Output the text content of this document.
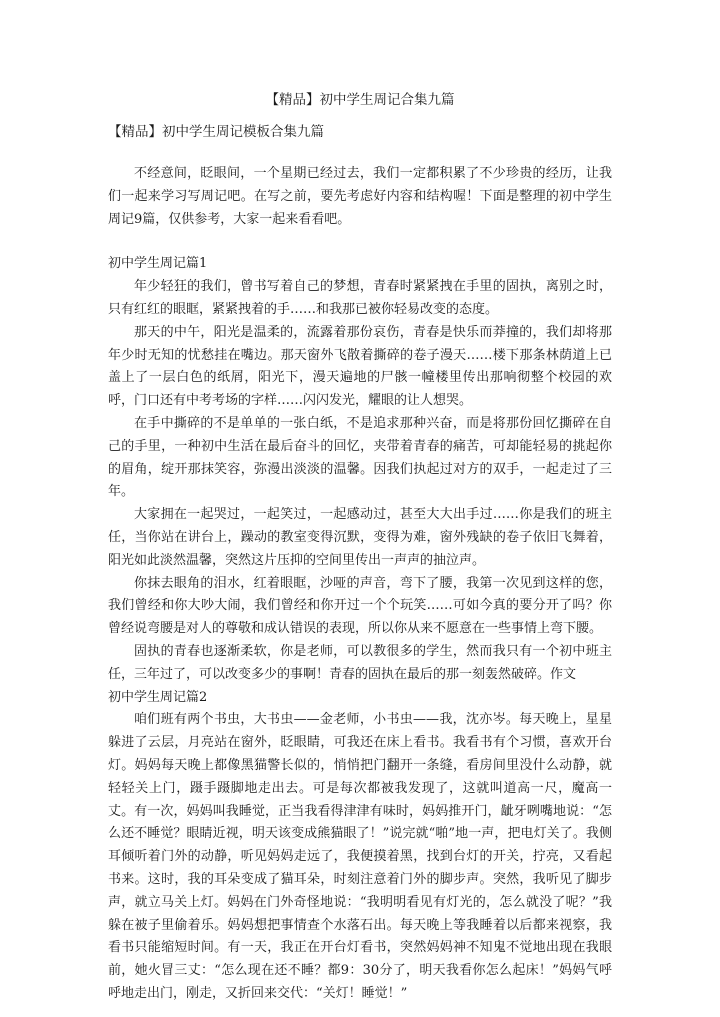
【精品】初中学生周记合集九篇
【精品】初中学生周记模板合集九篇

不经意间，眨眼间，一个星期已经过去，我们一定都积累了不少珍贵的经历，让我们一起来学习写周记吧。在写之前，要先考虑好内容和结构喔！下面是整理的初中学生周记9篇，仅供参考，大家一起来看看吧。

初中学生周记篇1

年少轻狂的我们，曾书写着自己的梦想，青春时紧紧拽在手里的固执，离别之时，只有红红的眼眶，紧紧拽着的手……和我那已被你轻易改变的态度。

那天的中午，阳光是温柔的，流露着那份哀伤，青春是快乐而莽撞的，我们却将那年少时无知的忧愁挂在嘴边。那天窗外飞散着撕碎的卷子漫天……楼下那条林荫道上已盖上了一层白色的纸屑，阳光下，漫天遍地的尸骸一幢楼里传出那响彻整个校园的欢呼，门口还有中考考场的字样……闪闪发光，耀眼的让人想哭。

在手中撕碎的不是单单的一张白纸，不是追求那种兴奋，而是将那份回忆撕碎在自己的手里，一种初中生活在最后奋斗的回忆，夹带着青春的痛苦，可却能轻易的挑起你的眉角，绽开那抹笑容，弥漫出淡淡的温馨。因我们执起过对方的双手，一起走过了三年。

大家拥在一起哭过，一起笑过，一起感动过，甚至大大出手过……你是我们的班主任，当你站在讲台上，躁动的教室变得沉默，变得为难，窗外残缺的卷子依旧飞舞着，阳光如此淡然温馨，突然这片压抑的空间里传出一声声的抽泣声。

你抹去眼角的泪水，红着眼眶，沙哑的声音，弯下了腰，我第一次见到这样的您，我们曾经和你大吵大闹，我们曾经和你开过一个个玩笑……可如今真的要分开了吗？你曾经说弯腰是对人的尊敬和成认错误的表现，所以你从来不愿意在一些事情上弯下腰。

固执的青春也逐渐柔软，你是老师，可以教很多的学生，然而我只有一个初中班主任，三年过了，可以改变多少的事啊！青春的固执在最后的那一刻轰然破碎。作文

初中学生周记篇2

咱们班有两个书虫，大书虫——金老师，小书虫——我，沈亦岑。每天晚上，星星躲进了云层，月亮站在窗外，眨眼睛，可我还在床上看书。我看书有个习惯，喜欢开台灯。妈妈每天晚上都像黑猫警长似的，悄悄把门翻开一条缝，看房间里没什么动静，就轻轻关上门，蹑手蹑脚地走出去。可是每次都被我发现了，这就叫道高一尺，魔高一丈。有一次，妈妈叫我睡觉，正当我看得津津有味时，妈妈推开门，龇牙咧嘴地说：“怎么还不睡觉？眼睛近视，明天该变成熊猫眼了！”说完就“啪”地一声，把电灯关了。我侧耳倾听着门外的动静，听见妈妈走远了，我便摸着黑，找到台灯的开关，拧亮，又看起书来。这时，我的耳朵变成了猫耳朵，时刻注意着门外的脚步声。突然，我听见了脚步声，就立马关上灯。妈妈在门外奇怪地说：“我明明看见有灯光的，怎么就没了呢？”我躲在被子里偷着乐。妈妈想把事情查个水落石出。每天晚上等我睡着以后都来视察，我看书只能缩短时间。有一天，我正在开台灯看书，突然妈妈神不知鬼不觉地出现在我眼前，她火冒三丈：“怎么现在还不睡？都9：30分了，明天我看你怎么起床！”妈妈气呼呼地走出门，刚走，又折回来交代：“关灯！睡觉！”
